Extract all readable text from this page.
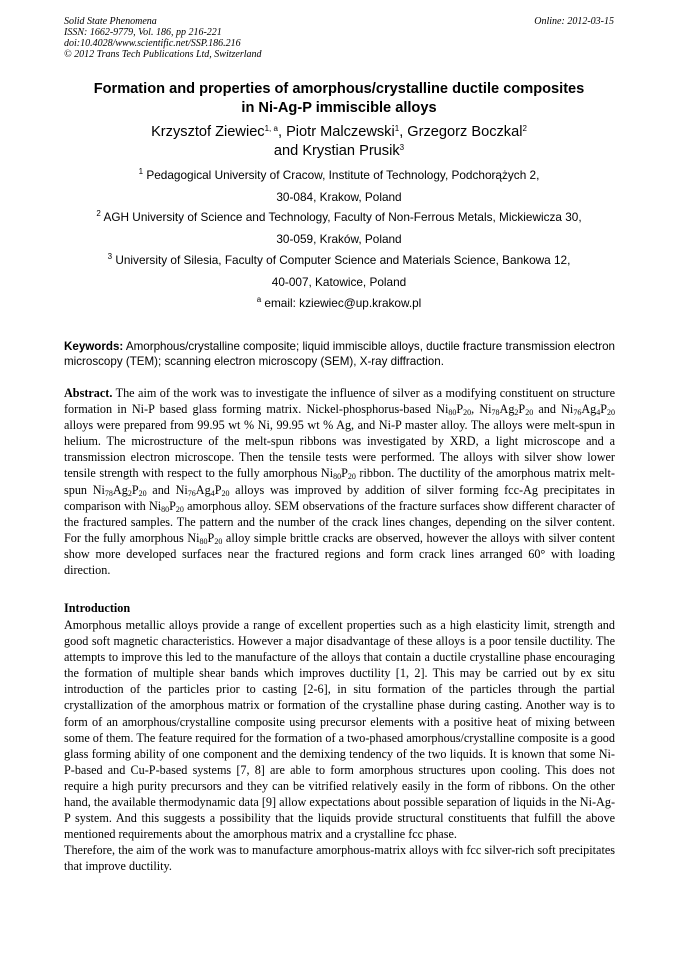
Solid State Phenomena
ISSN: 1662-9779, Vol. 186, pp 216-221
doi:10.4028/www.scientific.net/SSP.186.216
© 2012 Trans Tech Publications Ltd, Switzerland
Online: 2012-03-15
Formation and properties of amorphous/crystalline ductile composites
in Ni-Ag-P immiscible alloys
Krzysztof Ziewiec$^{1, a}$, Piotr Malczewski$^1$, Grzegorz Boczkal$^2$
and Krystian Prusik$^3$
$^1$ Pedagogical University of Cracow, Institute of Technology, Podchorążych 2,
30-084, Krakow, Poland
$^2$ AGH University of Science and Technology, Faculty of Non-Ferrous Metals, Mickiewicza 30,
30-059, Kraków, Poland
$^3$ University of Silesia, Faculty of Computer Science and Materials Science, Bankowa 12,
40-007, Katowice, Poland
$^a$ email: kziewiec@up.krakow.pl
Keywords: Amorphous/crystalline composite; liquid immiscible alloys, ductile fracture transmission electron microscopy (TEM); scanning electron microscopy (SEM), X-ray diffraction.
Abstract. The aim of the work was to investigate the influence of silver as a modifying constituent on structure formation in Ni-P based glass forming matrix. Nickel-phosphorus-based $Ni_{80}P_{20}$, $Ni_{78}Ag_2P_{20}$ and $Ni_{76}Ag_4P_{20}$ alloys were prepared from 99.95 wt % Ni, 99.95 wt % Ag, and Ni-P master alloy. The alloys were melt-spun in helium. The microstructure of the melt-spun ribbons was investigated by XRD, a light microscope and a transmission electron microscope. Then the tensile tests were performed. The alloys with silver show lower tensile strength with respect to the fully amorphous $Ni_{80}P_{20}$ ribbon. The ductility of the amorphous matrix melt-spun $Ni_{78}Ag_2P_{20}$ and $Ni_{76}Ag_4P_{20}$ alloys was improved by addition of silver forming fcc-Ag precipitates in comparison with $Ni_{80}P_{20}$ amorphous alloy. SEM observations of the fracture surfaces show different character of the fractured samples. The pattern and the number of the crack lines changes, depending on the silver content. For the fully amorphous $Ni_{80}P_{20}$ alloy simple brittle cracks are observed, however the alloys with silver content show more developed surfaces near the fractured regions and form crack lines arranged 60° with loading direction.
Introduction

Amorphous metallic alloys provide a range of excellent properties such as a high elasticity limit, strength and good soft magnetic characteristics. However a major disadvantage of these alloys is a poor tensile ductility. The attempts to improve this led to the manufacture of the alloys that contain a ductile crystalline phase encouraging the formation of multiple shear bands which improves ductility [1, 2]. This may be carried out by ex situ introduction of the particles prior to casting [2-6], in situ formation of the particles through the partial crystallization of the amorphous matrix or formation of the crystalline phase during casting. Another way is to form of an amorphous/crystalline composite using precursor elements with a positive heat of mixing between some of them. The feature required for the formation of a two-phased amorphous/crystalline composite is a good glass forming ability of one component and the demixing tendency of the two liquids. It is known that some Ni-P-based and Cu-P-based systems [7, 8] are able to form amorphous structures upon cooling. This does not require a high purity precursors and they can be vitrified relatively easily in the form of ribbons. On the other hand, the available thermodynamic data [9] allow expectations about possible separation of liquids in the Ni-Ag-P system. And this suggests a possibility that the liquids provide structural constituents that fulfill the above mentioned requirements about the amorphous matrix and a crystalline fcc phase.

Therefore, the aim of the work was to manufacture amorphous-matrix alloys with fcc silver-rich soft precipitates that improve ductility.
